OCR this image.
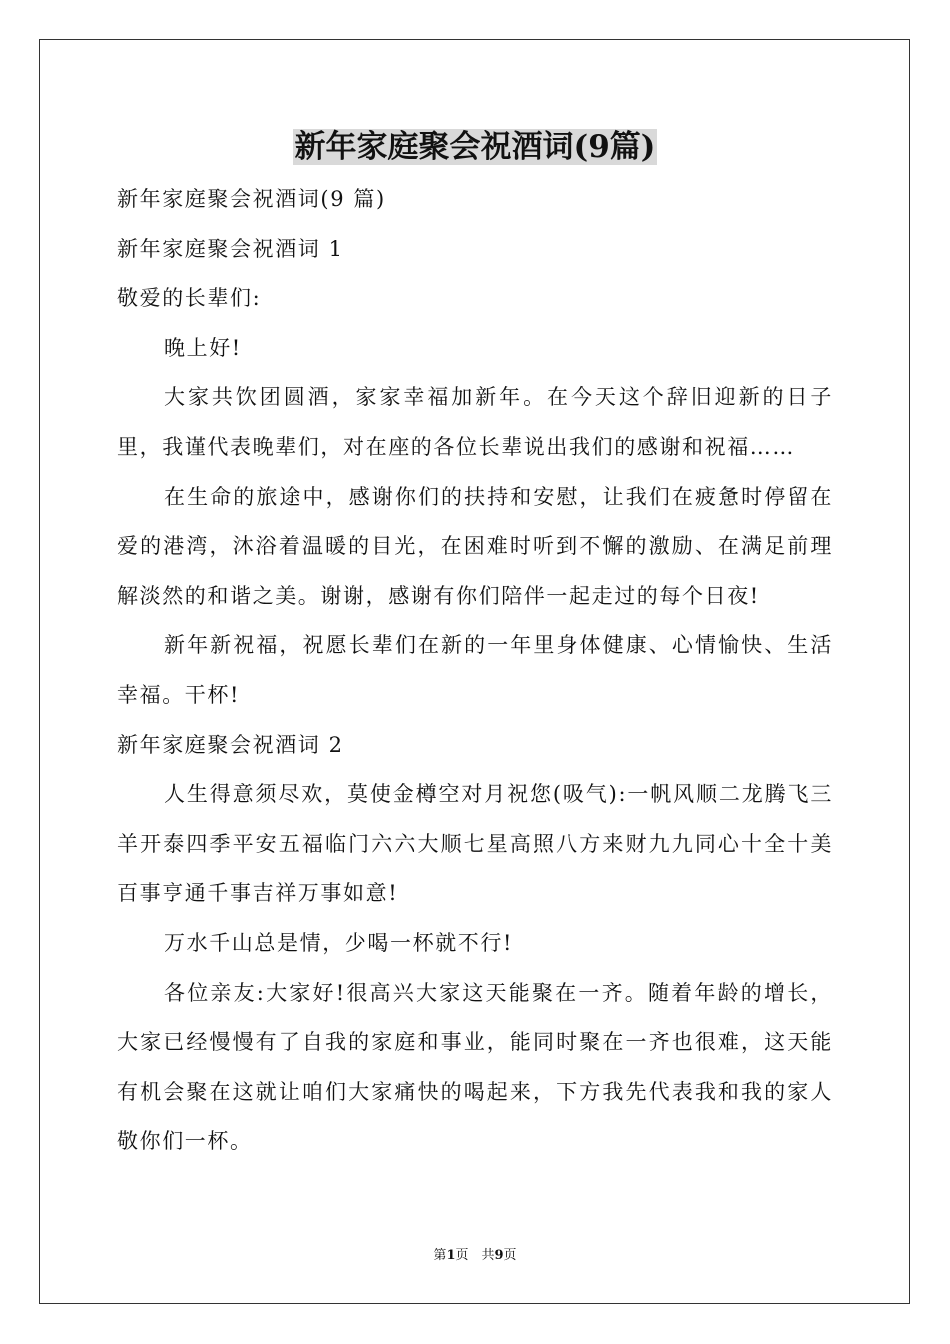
新年家庭聚会祝酒词(9篇)

新年家庭聚会祝酒词(9 篇)

新年家庭聚会祝酒词 1

敬爱的长辈们:

晚上好!

大家共饮团圆酒，家家幸福加新年。在今天这个辞旧迎新的日子里，我谨代表晚辈们，对在座的各位长辈说出我们的感谢和祝福……

在生命的旅途中，感谢你们的扶持和安慰，让我们在疲惫时停留在爱的港湾，沐浴着温暖的目光，在困难时听到不懈的激励、在满足前理解淡然的和谐之美。谢谢，感谢有你们陪伴一起走过的每个日夜!

新年新祝福，祝愿长辈们在新的一年里身体健康、心情愉快、生活幸福。干杯!

新年家庭聚会祝酒词 2

人生得意须尽欢，莫使金樽空对月祝您(吸气):一帆风顺二龙腾飞三羊开泰四季平安五福临门六六大顺七星高照八方来财九九同心十全十美百事亨通千事吉祥万事如意!

万水千山总是情，少喝一杯就不行!

各位亲友:大家好!很高兴大家这天能聚在一齐。随着年龄的增长，大家已经慢慢有了自我的家庭和事业，能同时聚在一齐也很难，这天能有机会聚在这就让咱们大家痛快的喝起来，下方我先代表我和我的家人敬你们一杯。

第1页　共9页
